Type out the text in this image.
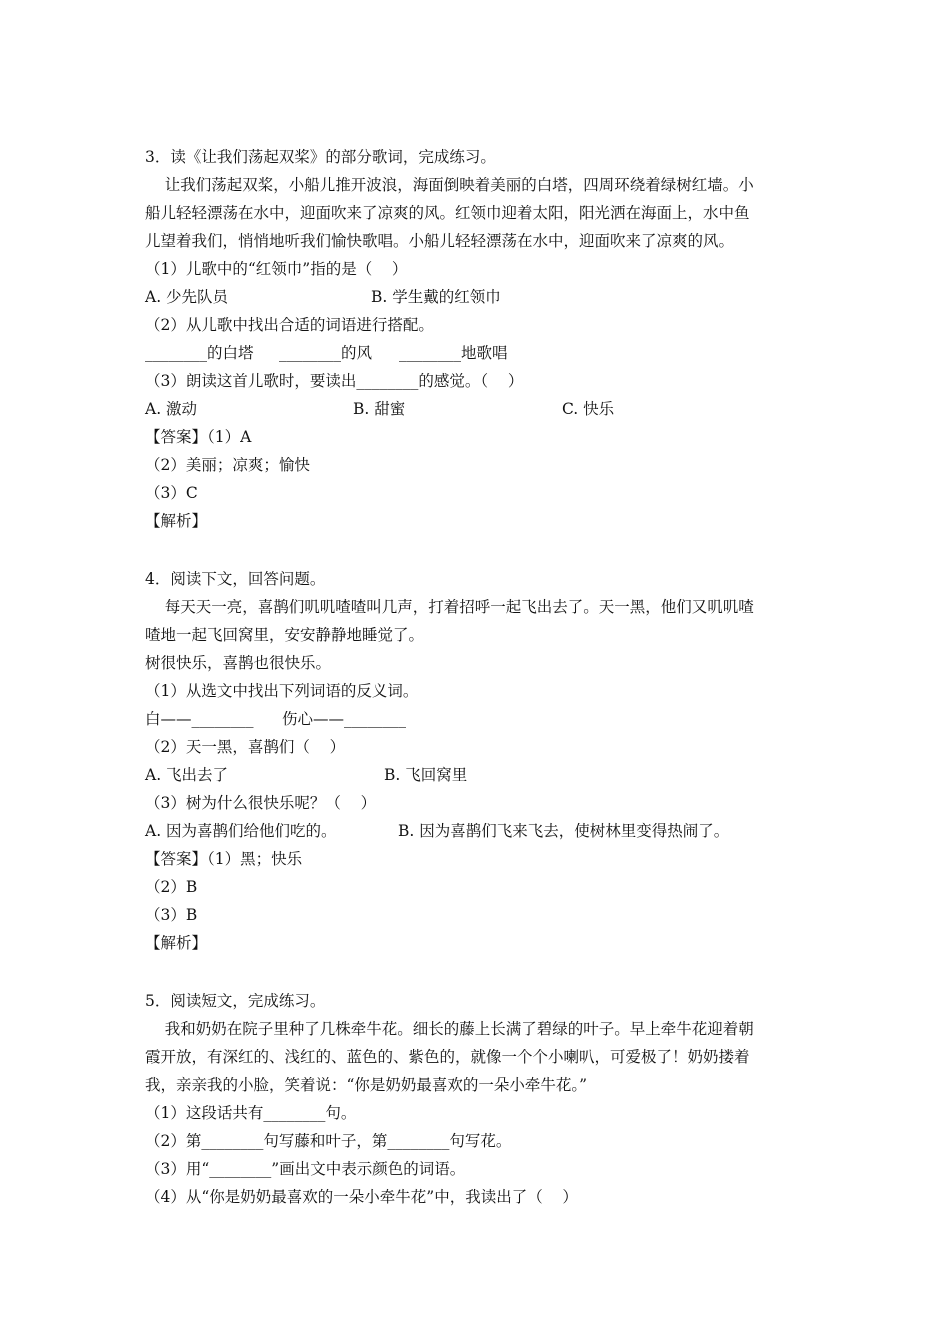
3．读《让我们荡起双桨》的部分歌词，完成练习。
让我们荡起双桨，小船儿推开波浪，海面倒映着美丽的白塔，四周环绕着绿树红墙。小
船儿轻轻漂荡在水中，迎面吹来了凉爽的风。红领巾迎着太阳，阳光洒在海面上，水中鱼
儿望着我们，悄悄地听我们愉快歌唱。小船儿轻轻漂荡在水中，迎面吹来了凉爽的风。
（1）儿歌中的“红领巾”指的是（    ）
A. 少先队员	B. 学生戴的红领巾
（2）从儿歌中找出合适的词语进行搭配。
________的白塔 ________的风 ________地歌唱
（3）朗读这首儿歌时，要读出________的感觉。（    ）
A. 激动	B. 甜蜜	C. 快乐
【答案】（1）A
（2）美丽；凉爽；愉快
（3）C
【解析】
4．阅读下文，回答问题。
每天天一亮，喜鹊们叽叽喳喳叫几声，打着招呼一起飞出去了。天一黑，他们又叽叽喳
喳地一起飞回窝里，安安静静地睡觉了。
树很快乐，喜鹊也很快乐。
（1）从选文中找出下列词语的反义词。
白——________ 伤心——________
（2）天一黑，喜鹊们（    ）
A. 飞出去了	B. 飞回窝里
（3）树为什么很快乐呢？（    ）
A. 因为喜鹊们给他们吃的。	B. 因为喜鹊们飞来飞去，使树林里变得热闹了。
【答案】（1）黑；快乐
（2）B
（3）B
【解析】
5．阅读短文，完成练习。
我和奶奶在院子里种了几株牵牛花。细长的藤上长满了碧绿的叶子。早上牵牛花迎着朝
霞开放，有深红的、浅红的、蓝色的、紫色的，就像一个个小喇叭，可爱极了！奶奶搂着
我，亲亲我的小脸，笑着说：“你是奶奶最喜欢的一朵小牵牛花。”
（1）这段话共有________句。
（2）第________句写藤和叶子，第________句写花。
（3）用“________”画出文中表示颜色的词语。
（4）从“你是奶奶最喜欢的一朵小牵牛花”中，我读出了（    ）
